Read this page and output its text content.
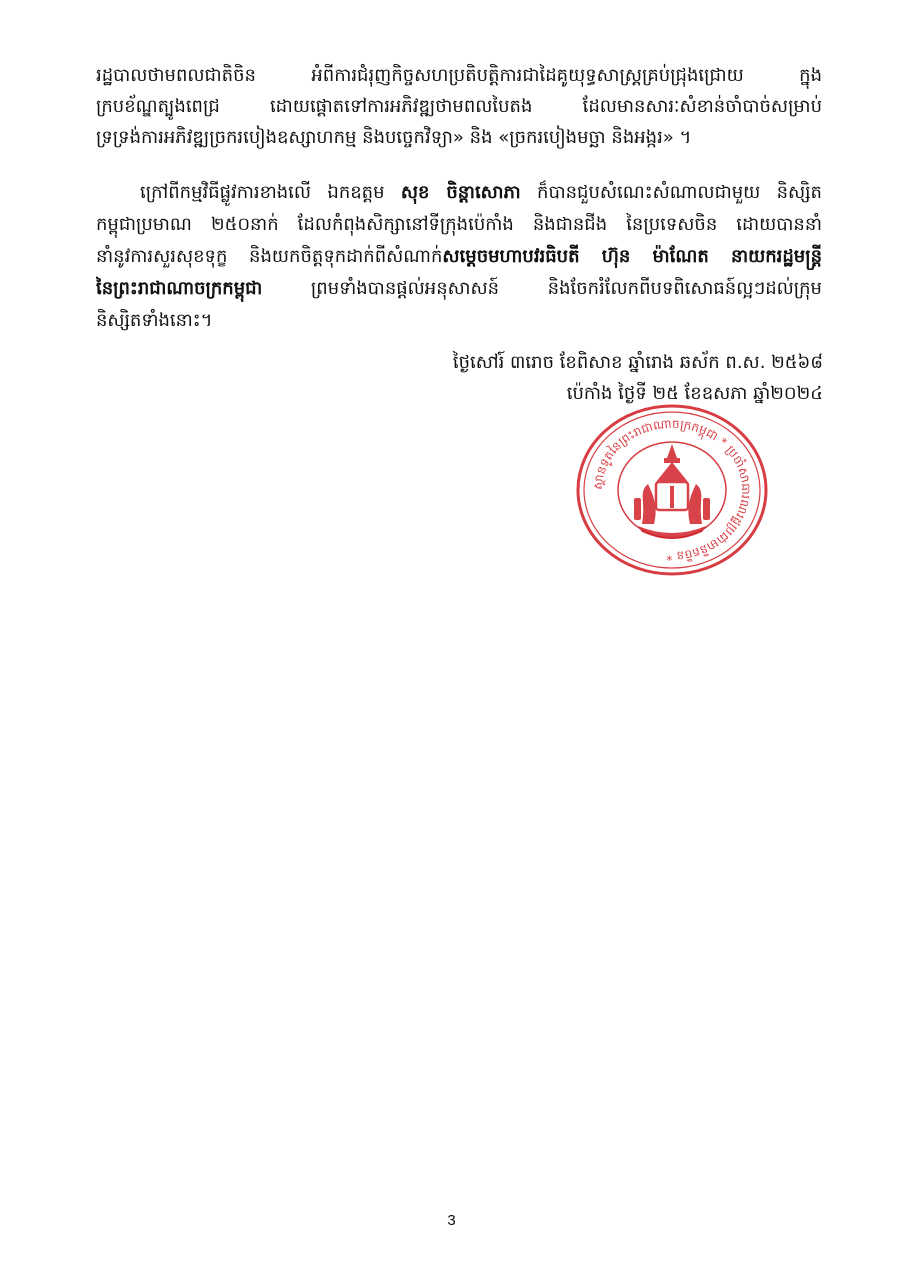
រដ្ឋបាលថាមពលជាតិចិន អំពីការជំរុញកិច្ចសហប្រតិបត្តិការជាដៃគូយុទ្ធសាស្ត្រគ្រប់ជ្រុងជ្រោយ ក្នុង
ក្របខ័ណ្ឌត្បូងពេជ្រ ដោយផ្តោតទៅការអភិវឌ្ឍថាមពលបៃតង ដែលមានសារៈសំខាន់ចាំបាច់សម្រាប់
ទ្រទ្រង់ការអភិវឌ្ឍច្រករបៀងឧស្សាហកម្ម និងបច្ចេកវិទ្យា» និង «ច្រករបៀងមច្ឆា និងអង្ករ» ។
ក្រៅពីកម្មវិធីផ្លូវការខាងលើ ឯកឧត្តម សុខ ចិន្តាសោភា ក៏បានជួបសំណេះសំណាលជាមួយ និស្សិត
កម្ពុជាប្រមាណ ២៥០នាក់ ដែលកំពុងសិក្សានៅទីក្រុងប៉េកាំង និងជានជីង នៃប្រទេសចិន ដោយបាននាំ
នាំនូវការសួរសុខទុក្ខ និងយកចិត្តទុកដាក់ពីសំណាក់សម្តេចមហាបវរធិបតី ហ៊ុន ម៉ាណែត នាយករដ្ឋមន្ត្រី
នៃព្រះរាជាណាចក្រកម្ពុជា ព្រមទាំងបានផ្តល់អនុសាសន៍ និងចែករំលែកពីបទពិសោធន៍ល្អៗដល់ក្រុម
និស្សិតទាំងនោះ។
ថ្ងៃសៅរ៍ ៣រោច ខែពិសាខ ឆ្នាំរោង ឆស័ក ព.ស. ២៥៦៨
ប៉េកាំង ថ្ងៃទី ២៥ ខែឧសភា ឆ្នាំ២០២៤
ស្ថានទូតនៃព្រះរាជាណាចក្រកម្ពុជា * ប្រចាំសាធារណរដ្ឋប្រជាមានិតចិន *
3
